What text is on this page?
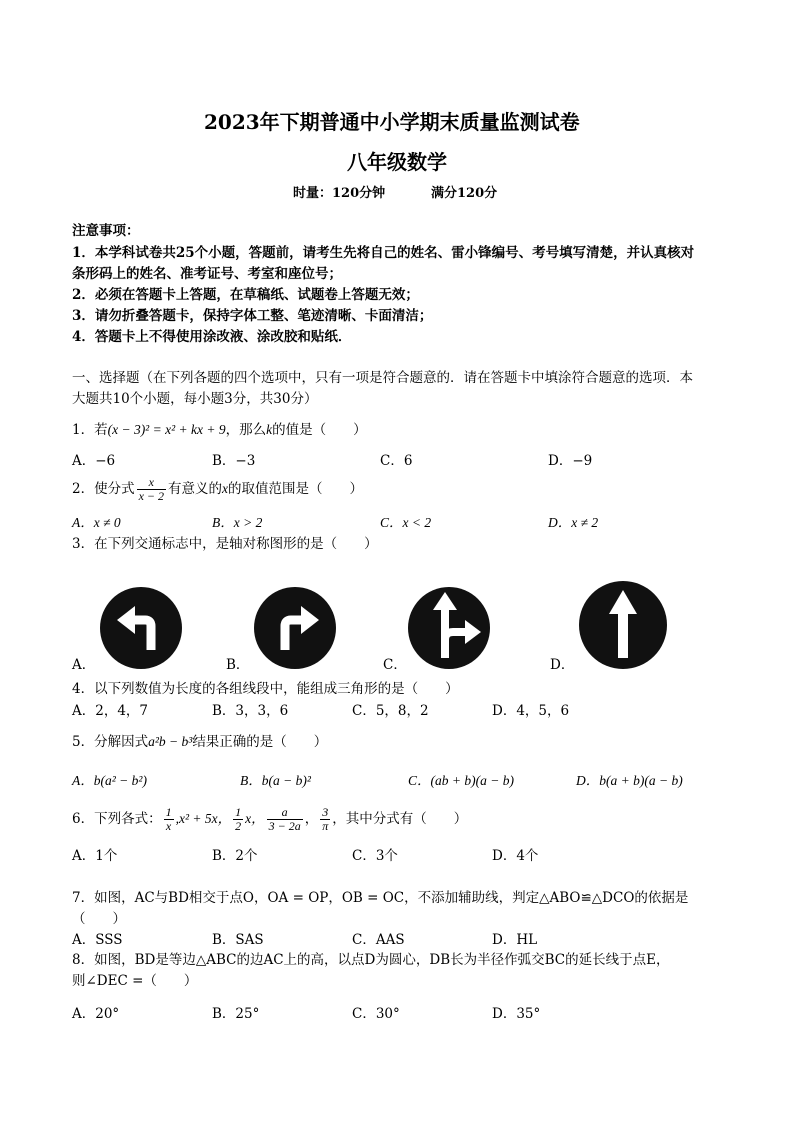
2023年下期普通中小学期末质量监测试卷
八年级数学
时量：120分钟	满分120分
注意事项：
1．本学科试卷共25个小题，答题前，请考生先将自己的姓名、雷小锋编号、考号填写清楚，并认真核对
条形码上的姓名、准考证号、考室和座位号；
2．必须在答题卡上答题，在草稿纸、试题卷上答题无效；
3．请勿折叠答题卡，保持字体工整、笔迹清晰、卡面清洁；
4．答题卡上不得使用涂改液、涂改胶和贴纸．
一、选择题（在下列各题的四个选项中，只有一项是符合题意的．请在答题卡中填涂符合题意的选项．本
大题共10个小题，每小题3分，共30分）
1．若(x − 3)² = x² + kx + 9，那么k的值是（　　）
A．−6	B．−3	C．6	D．−9
2．使分式 $\frac{x}{x - 2}$ 有意义的x的取值范围是（　　）
A．x ≠ 0	B．x > 2	C．x < 2	D．x ≠ 2
3．在下列交通标志中，是轴对称图形的是（　　）
A．	B．	C．	D．
4．以下列数值为长度的各组线段中，能组成三角形的是（　　）
A．2，4，7	B．3，3，6	C．5，8，2	D．4，5，6
5．分解因式a²b − b³结果正确的是（　　）
A．b(a² − b²)	B．b(a − b)²	C．(ab + b)(a − b)	D．b(a + b)(a − b)
6．下列各式： $\frac{1}{x} ,x^2 + 5x$， $\frac{1}{2}$ x， $\frac{a}{3 - 2a}$ ， $\frac{3}{\pi}$ ，其中分式有（　　）
A．1个	B．2个	C．3个	D．4个
7．如图，AC与BD相交于点O，OA = OP，OB = OC，不添加辅助线，判定△ABO≌△DCO的依据是
（　　）
A．SSS	B．SAS	C．AAS	D．HL
8．如图，BD是等边△ABC的边AC上的高，以点D为圆心，DB长为半径作弧交BC的延长线于点E，
则∠DEC =（　　）
A．20°	B．25°	C．30°	D．35°
